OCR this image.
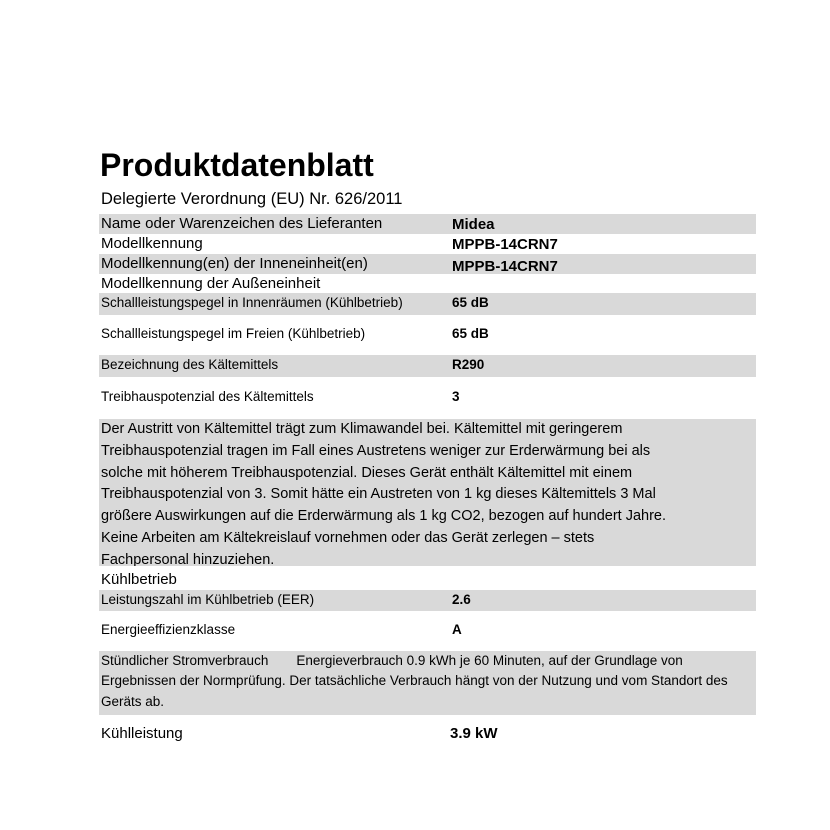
Produktdatenblatt
Delegierte Verordnung (EU) Nr. 626/2011
Name oder Warenzeichen des Lieferanten	Midea
Modellkennung	MPPB-14CRN7
Modellkennung(en) der Inneneinheit(en)	MPPB-14CRN7
Modellkennung der Außeneinheit
Schallleistungspegel in Innenräumen (Kühlbetrieb)	65 dB
Schallleistungspegel im Freien (Kühlbetrieb)	65 dB
Bezeichnung des Kältemittels	R290
Treibhauspotenzial des Kältemittels	3
Der Austritt von Kältemittel trägt zum Klimawandel bei. Kältemittel mit geringerem
Treibhauspotenzial tragen im Fall eines Austretens weniger zur Erderwärmung bei als
solche mit höherem Treibhauspotenzial. Dieses Gerät enthält Kältemittel mit einem
Treibhauspotenzial von 3. Somit hätte ein Austreten von 1 kg dieses Kältemittels 3 Mal
größere Auswirkungen auf die Erderwärmung als 1 kg CO2, bezogen auf hundert Jahre.
Keine Arbeiten am Kältekreislauf vornehmen oder das Gerät zerlegen – stets
Fachpersonal hinzuziehen.
Kühlbetrieb
Leistungszahl im Kühlbetrieb (EER)	2.6
Energieeffizienzklasse	A
Stündlicher Stromverbrauch Energieverbrauch 0.9 kWh je 60 Minuten, auf der Grundlage von Ergebnissen der Normprüfung. Der tatsächliche Verbrauch hängt von der Nutzung und vom Standort des Geräts ab.
Kühlleistung	3.9 kW
